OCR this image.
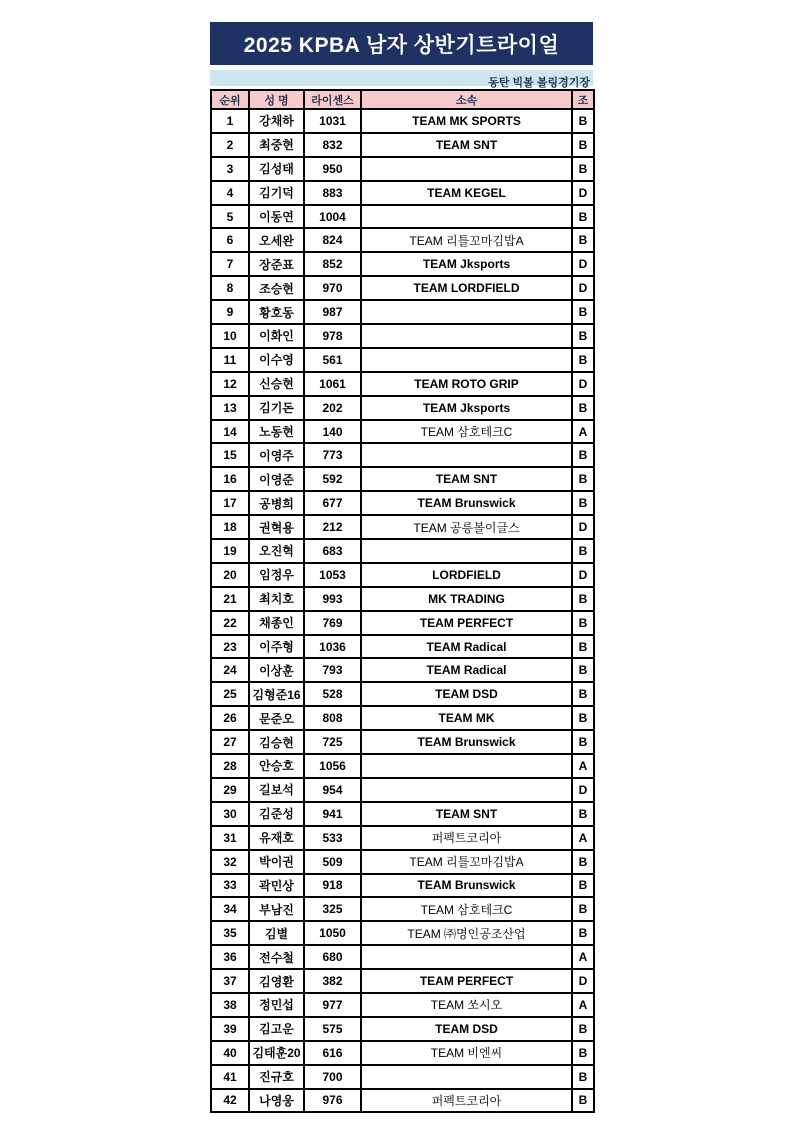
2025 KPBA 남자 상반기트라이얼
동탄 빅볼 볼링경기장
순위	성 명	라이센스	소속	조
1	강채하	1031	TEAM MK SPORTS	B
2	최중현	832	TEAM SNT	B
3	김성태	950		B
4	김기덕	883	TEAM KEGEL	D
5	이동연	1004		B
6	오세완	824	TEAM 리틀꼬마김밥A	B
7	장준표	852	TEAM Jksports	D
8	조승현	970	TEAM LORDFIELD	D
9	황호동	987		B
10	이화인	978		B
11	이수영	561		B
12	신승현	1061	TEAM ROTO GRIP	D
13	김기돈	202	TEAM Jksports	B
14	노동현	140	TEAM 삼호테크C	A
15	이영주	773		B
16	이영준	592	TEAM SNT	B
17	공병희	677	TEAM Brunswick	B
18	권혁용	212	TEAM 공릉볼이글스	D
19	오진혁	683		B
20	임정우	1053	LORDFIELD	D
21	최치호	993	MK TRADING	B
22	채종인	769	TEAM PERFECT	B
23	이주형	1036	TEAM Radical	B
24	이상훈	793	TEAM Radical	B
25	김형준16	528	TEAM DSD	B
26	문준오	808	TEAM MK	B
27	김승현	725	TEAM Brunswick	B
28	안승호	1056		A
29	길보석	954		D
30	김준성	941	TEAM SNT	B
31	유재호	533	퍼펙트코리아	A
32	박이권	509	TEAM 리틀꼬마김밥A	B
33	곽민상	918	TEAM Brunswick	B
34	부남진	325	TEAM 삼호테크C	B
35	김별	1050	TEAM ㈜명인공조산업	B
36	전수철	680		A
37	김영환	382	TEAM PERFECT	D
38	정민섭	977	TEAM 쏘시오	A
39	김고운	575	TEAM DSD	B
40	김태훈20	616	TEAM 비엔씨	B
41	진규호	700		B
42	나영웅	976	퍼펙트코리아	B
